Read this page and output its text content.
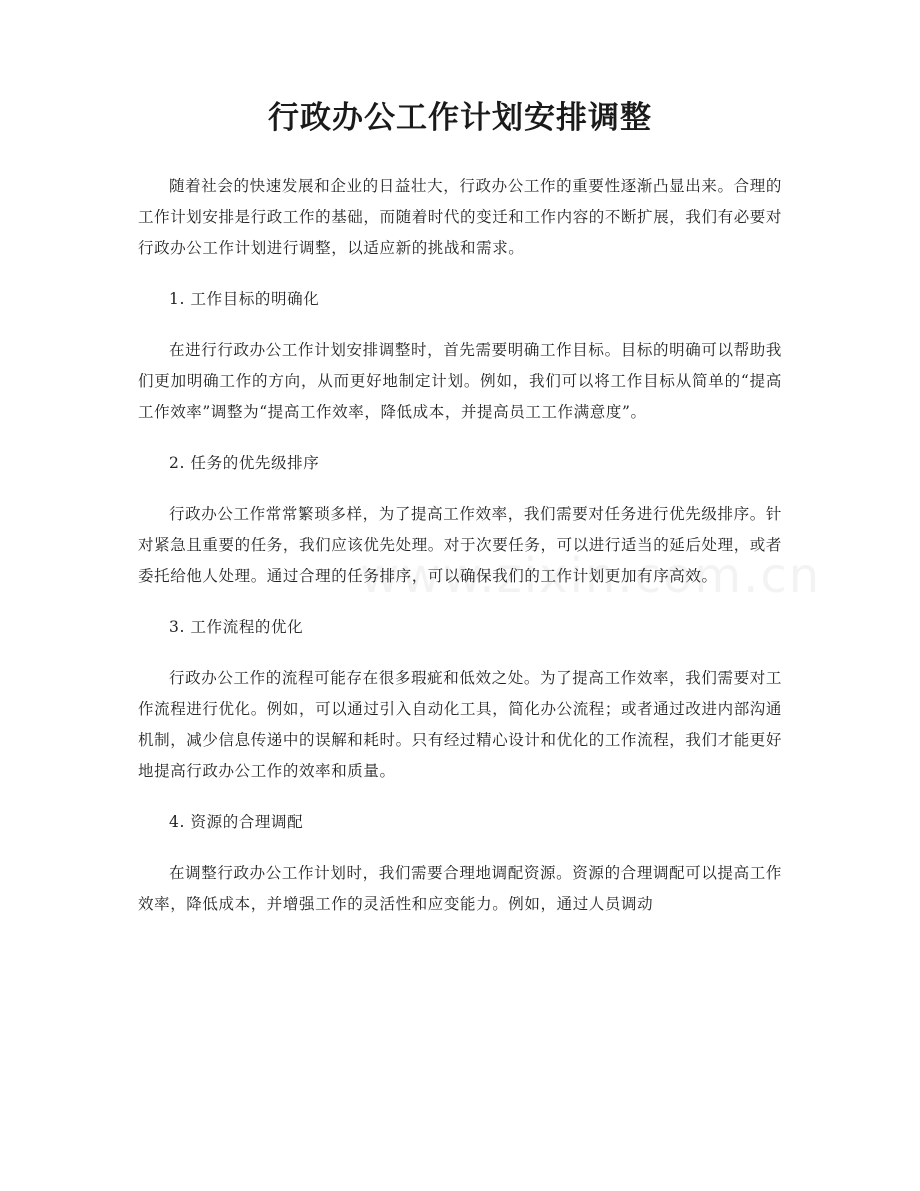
行政办公工作计划安排调整

随着社会的快速发展和企业的日益壮大，行政办公工作的重要性逐渐凸显出来。合理的工作计划安排是行政工作的基础，而随着时代的变迁和工作内容的不断扩展，我们有必要对行政办公工作计划进行调整，以适应新的挑战和需求。

1. 工作目标的明确化

在进行行政办公工作计划安排调整时，首先需要明确工作目标。目标的明确可以帮助我们更加明确工作的方向，从而更好地制定计划。例如，我们可以将工作目标从简单的“提高工作效率”调整为“提高工作效率，降低成本，并提高员工工作满意度”。

2. 任务的优先级排序

行政办公工作常常繁琐多样，为了提高工作效率，我们需要对任务进行优先级排序。针对紧急且重要的任务，我们应该优先处理。对于次要任务，可以进行适当的延后处理，或者委托给他人处理。通过合理的任务排序，可以确保我们的工作计划更加有序高效。

3. 工作流程的优化

行政办公工作的流程可能存在很多瑕疵和低效之处。为了提高工作效率，我们需要对工作流程进行优化。例如，可以通过引入自动化工具，简化办公流程；或者通过改进内部沟通机制，减少信息传递中的误解和耗时。只有经过精心设计和优化的工作流程，我们才能更好地提高行政办公工作的效率和质量。

4. 资源的合理调配

在调整行政办公工作计划时，我们需要合理地调配资源。资源的合理调配可以提高工作效率，降低成本，并增强工作的灵活性和应变能力。例如，通过人员调动
